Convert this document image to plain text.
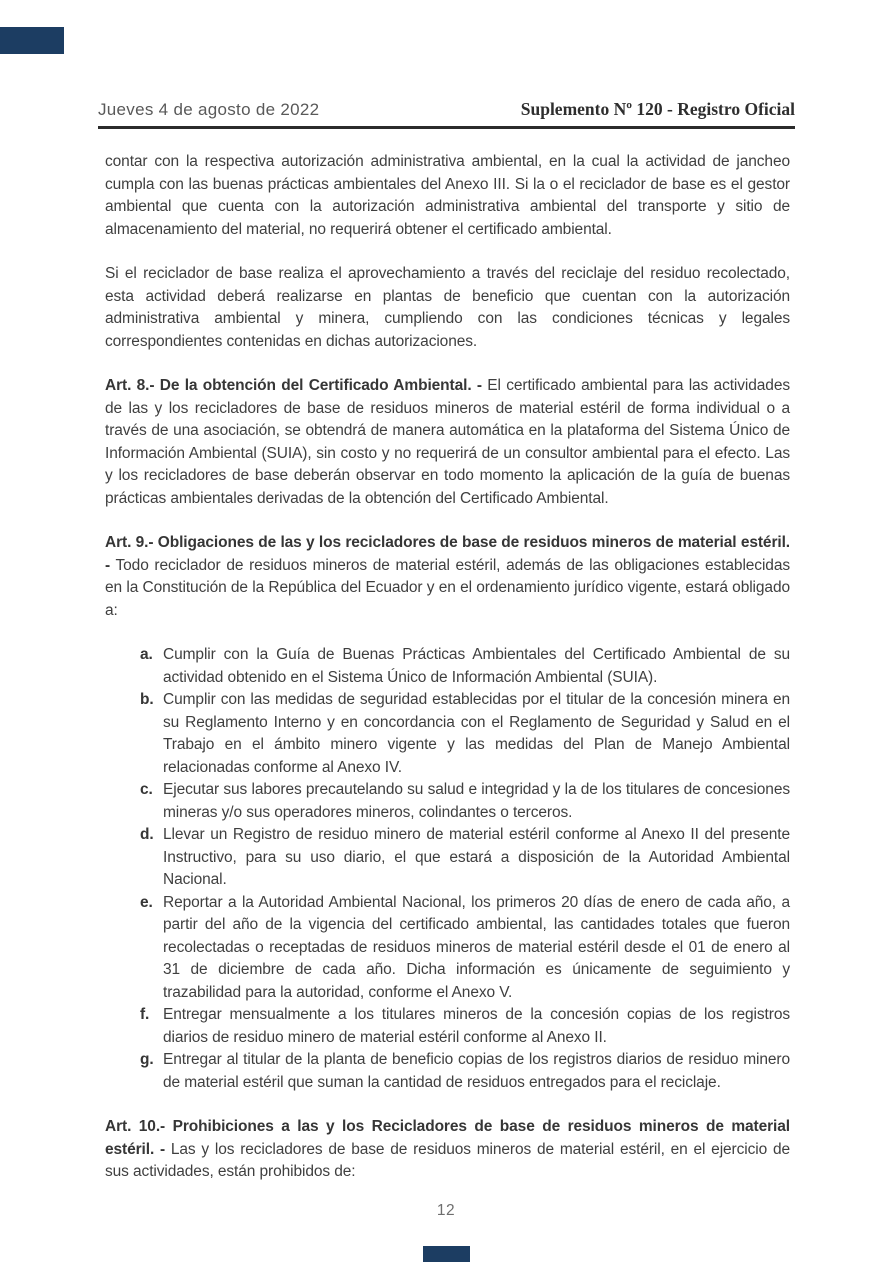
Jueves 4 de agosto de 2022	Suplemento Nº 120 - Registro Oficial

contar con la respectiva autorización administrativa ambiental, en la cual la actividad de jancheo cumpla con las buenas prácticas ambientales del Anexo III. Si la o el reciclador de base es el gestor ambiental que cuenta con la autorización administrativa ambiental del transporte y sitio de almacenamiento del material, no requerirá obtener el certificado ambiental.

Si el reciclador de base realiza el aprovechamiento a través del reciclaje del residuo recolectado, esta actividad deberá realizarse en plantas de beneficio que cuentan con la autorización administrativa ambiental y minera, cumpliendo con las condiciones técnicas y legales correspondientes contenidas en dichas autorizaciones.

Art. 8.- De la obtención del Certificado Ambiental. - El certificado ambiental para las actividades de las y los recicladores de base de residuos mineros de material estéril de forma individual o a través de una asociación, se obtendrá de manera automática en la plataforma del Sistema Único de Información Ambiental (SUIA), sin costo y no requerirá de un consultor ambiental para el efecto. Las y los recicladores de base deberán observar en todo momento la aplicación de la guía de buenas prácticas ambientales derivadas de la obtención del Certificado Ambiental.

Art. 9.- Obligaciones de las y los recicladores de base de residuos mineros de material estéril. - Todo reciclador de residuos mineros de material estéril, además de las obligaciones establecidas en la Constitución de la República del Ecuador y en el ordenamiento jurídico vigente, estará obligado a:

a. Cumplir con la Guía de Buenas Prácticas Ambientales del Certificado Ambiental de su actividad obtenido en el Sistema Único de Información Ambiental (SUIA).
b. Cumplir con las medidas de seguridad establecidas por el titular de la concesión minera en su Reglamento Interno y en concordancia con el Reglamento de Seguridad y Salud en el Trabajo en el ámbito minero vigente y las medidas del Plan de Manejo Ambiental relacionadas conforme al Anexo IV.
c. Ejecutar sus labores precautelando su salud e integridad y la de los titulares de concesiones mineras y/o sus operadores mineros, colindantes o terceros.
d. Llevar un Registro de residuo minero de material estéril conforme al Anexo II del presente Instructivo, para su uso diario, el que estará a disposición de la Autoridad Ambiental Nacional.
e. Reportar a la Autoridad Ambiental Nacional, los primeros 20 días de enero de cada año, a partir del año de la vigencia del certificado ambiental, las cantidades totales que fueron recolectadas o receptadas de residuos mineros de material estéril desde el 01 de enero al 31 de diciembre de cada año. Dicha información es únicamente de seguimiento y trazabilidad para la autoridad, conforme el Anexo V.
f. Entregar mensualmente a los titulares mineros de la concesión copias de los registros diarios de residuo minero de material estéril conforme al Anexo II.
g. Entregar al titular de la planta de beneficio copias de los registros diarios de residuo minero de material estéril que suman la cantidad de residuos entregados para el reciclaje.

Art. 10.- Prohibiciones a las y los Recicladores de base de residuos mineros de material estéril. - Las y los recicladores de base de residuos mineros de material estéril, en el ejercicio de sus actividades, están prohibidos de:

12
